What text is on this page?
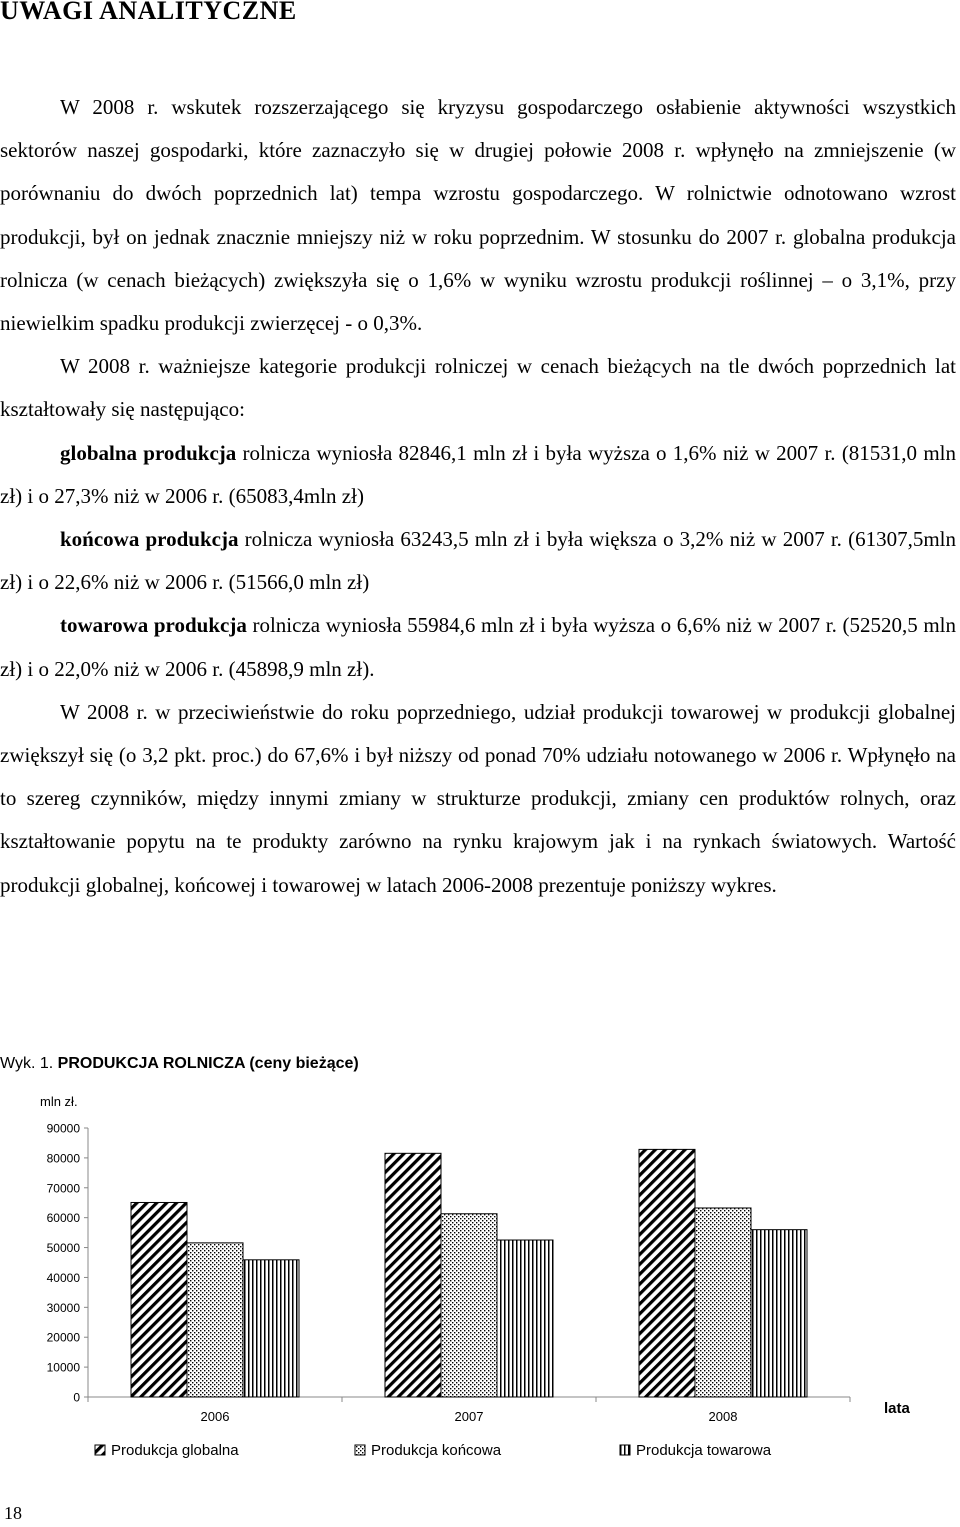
UWAGI ANALITYCZNE

W 2008 r. wskutek rozszerzającego się kryzysu gospodarczego osłabienie aktywności wszystkich sektorów naszej gospodarki, które zaznaczyło się w drugiej połowie 2008 r. wpłynęło na zmniejszenie (w porównaniu do dwóch poprzednich lat) tempa wzrostu gospodarczego. W rolnictwie odnotowano wzrost produkcji, był on jednak znacznie mniejszy niż w roku poprzednim. W stosunku do 2007 r. globalna produkcja rolnicza (w cenach bieżących) zwiększyła się o 1,6% w wyniku wzrostu produkcji roślinnej – o 3,1%, przy niewielkim spadku produkcji zwierzęcej - o 0,3%.

W 2008 r. ważniejsze kategorie produkcji rolniczej w cenach bieżących na tle dwóch poprzednich lat kształtowały się następująco:

globalna produkcja rolnicza wyniosła 82846,1 mln zł i była wyższa o 1,6% niż w 2007 r. (81531,0 mln zł) i o 27,3% niż w 2006 r. (65083,4mln zł)

końcowa produkcja rolnicza wyniosła 63243,5 mln zł i była większa o 3,2% niż w 2007 r. (61307,5mln zł) i o 22,6% niż w 2006 r. (51566,0 mln zł)

towarowa produkcja rolnicza wyniosła 55984,6 mln zł i była wyższa o 6,6% niż w 2007 r. (52520,5 mln zł) i o 22,0% niż w 2006 r. (45898,9 mln zł).

W 2008 r. w przeciwieństwie do roku poprzedniego, udział produkcji towarowej w produkcji globalnej zwiększył się (o 3,2 pkt. proc.) do 67,6% i był niższy od ponad 70% udziału notowanego w 2006 r. Wpłynęło na to szereg czynników, między innymi zmiany w strukturze produkcji, zmiany cen produktów rolnych, oraz kształtowanie popytu na te produkty zarówno na rynku krajowym jak i na rynkach światowych. Wartość produkcji globalnej, końcowej i towarowej w latach 2006-2008 prezentuje poniższy wykres.

Wyk. 1. PRODUKCJA ROLNICZA (ceny bieżące)
mln zł.
0
10000
20000
30000
40000
50000
60000
70000
80000
90000
2006	2007	2008	lata
Produkcja globalna	Produkcja końcowa	Produkcja towarowa
18
